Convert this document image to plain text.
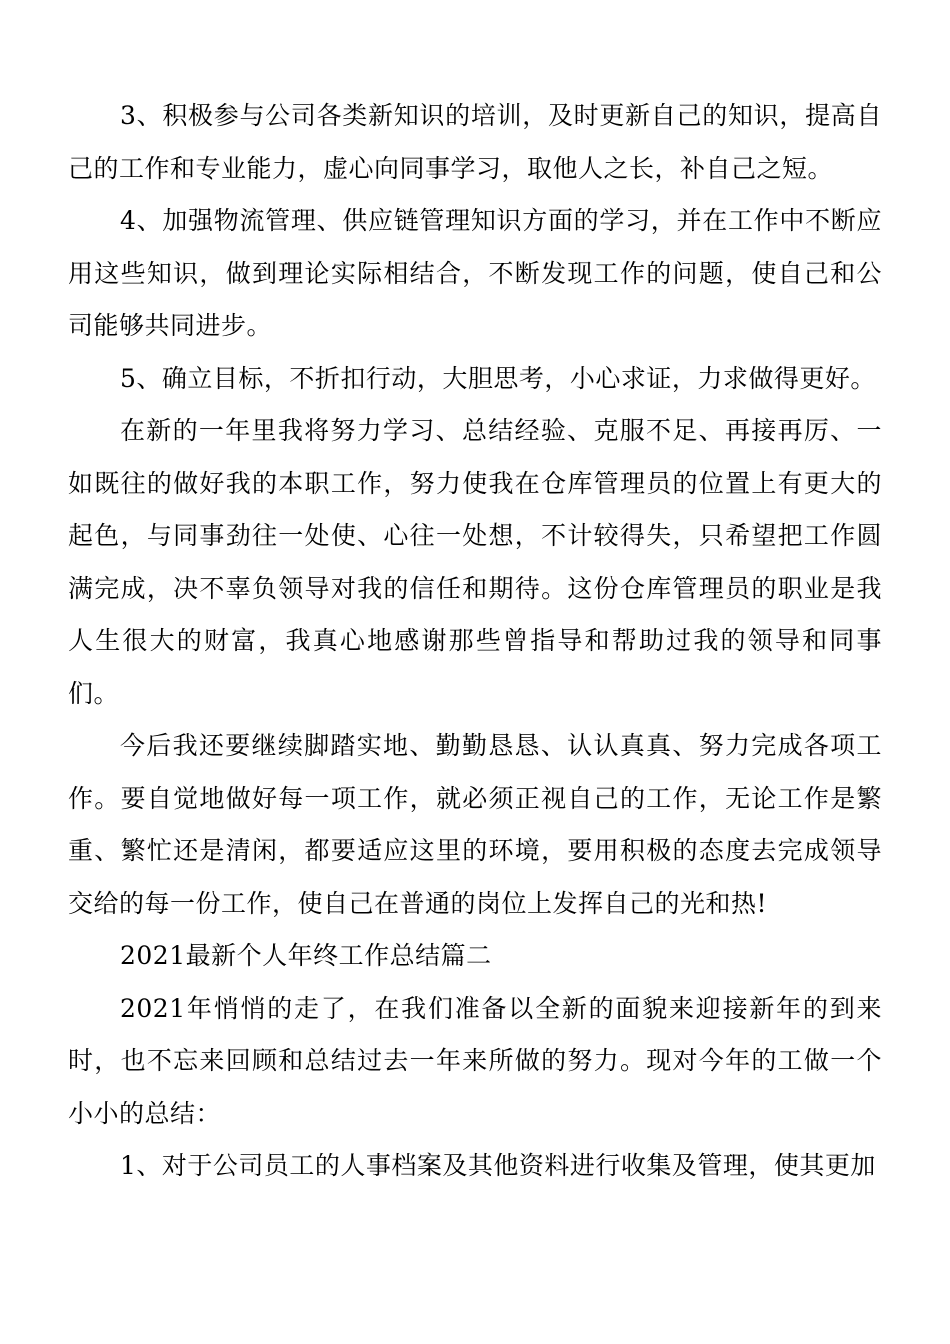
3、积极参与公司各类新知识的培训，及时更新自己的知识，提高自己的工作和专业能力，虚心向同事学习，取他人之长，补自己之短。

4、加强物流管理、供应链管理知识方面的学习，并在工作中不断应用这些知识，做到理论实际相结合，不断发现工作的问题，使自己和公司能够共同进步。

5、确立目标，不折扣行动，大胆思考，小心求证，力求做得更好。

在新的一年里我将努力学习、总结经验、克服不足、再接再厉、一如既往的做好我的本职工作，努力使我在仓库管理员的位置上有更大的起色，与同事劲往一处使、心往一处想，不计较得失，只希望把工作圆满完成，决不辜负领导对我的信任和期待。这份仓库管理员的职业是我人生很大的财富，我真心地感谢那些曾指导和帮助过我的领导和同事们。

今后我还要继续脚踏实地、勤勤恳恳、认认真真、努力完成各项工作。要自觉地做好每一项工作，就必须正视自己的工作，无论工作是繁重、繁忙还是清闲，都要适应这里的环境，要用积极的态度去完成领导交给的每一份工作，使自己在普通的岗位上发挥自己的光和热!

2021最新个人年终工作总结篇二

2021年悄悄的走了，在我们准备以全新的面貌来迎接新年的到来时，也不忘来回顾和总结过去一年来所做的努力。现对今年的工做一个小小的总结：

1、对于公司员工的人事档案及其他资料进行收集及管理，使其更加
